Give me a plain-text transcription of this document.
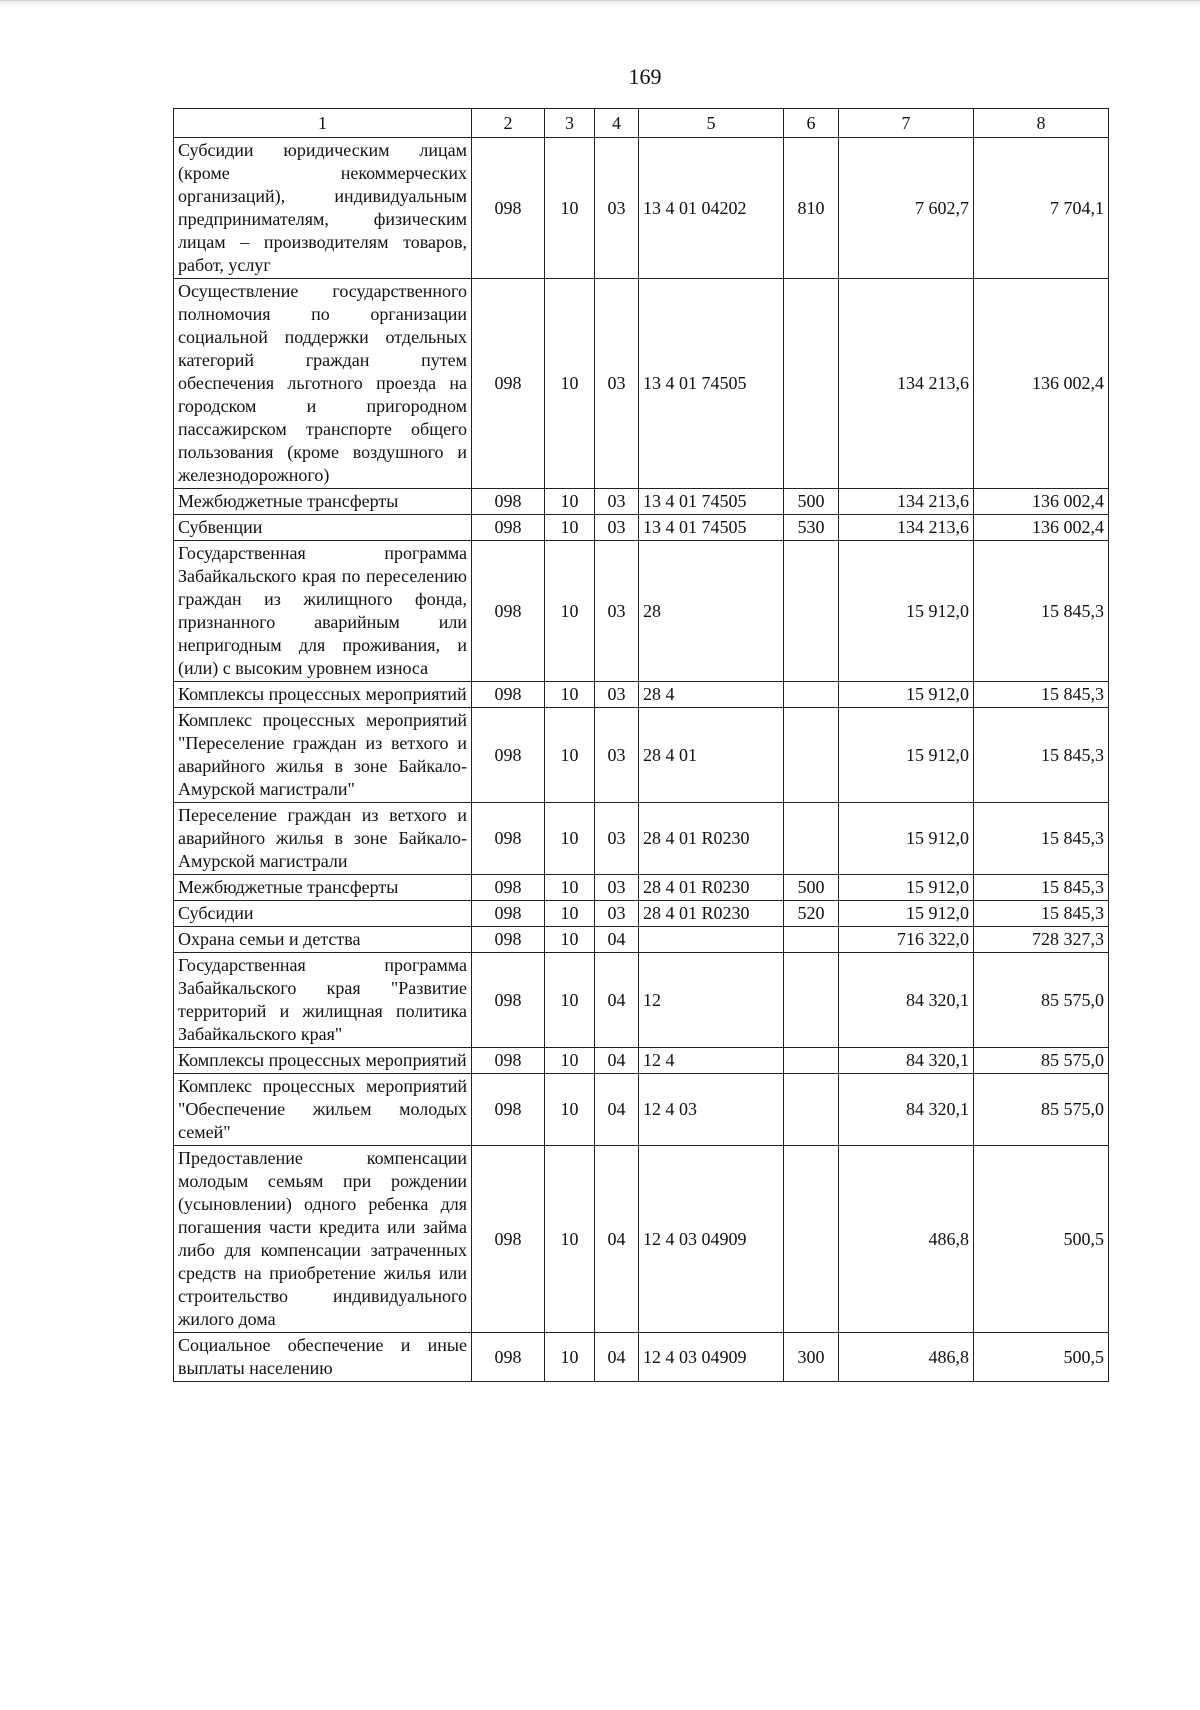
169
1	2	3	4	5	6	7	8
Субсидии юридическим лицам (кроме некоммерческих организаций), индивидуальным предпринимателям, физическим лицам – производителям товаров, работ, услуг	098	10	03	13 4 01 04202	810	7 602,7	7 704,1
Осуществление государственного полномочия по организации социальной поддержки отдельных категорий граждан путем обеспечения льготного проезда на городском и пригородном пассажирском транспорте общего пользования (кроме воздушного и железнодорожного)	098	10	03	13 4 01 74505		134 213,6	136 002,4
Межбюджетные трансферты	098	10	03	13 4 01 74505	500	134 213,6	136 002,4
Субвенции	098	10	03	13 4 01 74505	530	134 213,6	136 002,4
Государственная программа Забайкальского края по переселению граждан из жилищного фонда, признанного аварийным или непригодным для проживания, и (или) с высоким уровнем износа	098	10	03	28		15 912,0	15 845,3
Комплексы процессных мероприятий	098	10	03	28 4		15 912,0	15 845,3
Комплекс процессных мероприятий "Переселение граждан из ветхого и аварийного жилья в зоне Байкало-Амурской магистрали"	098	10	03	28 4 01		15 912,0	15 845,3
Переселение граждан из ветхого и аварийного жилья в зоне Байкало-Амурской магистрали	098	10	03	28 4 01 R0230		15 912,0	15 845,3
Межбюджетные трансферты	098	10	03	28 4 01 R0230	500	15 912,0	15 845,3
Субсидии	098	10	03	28 4 01 R0230	520	15 912,0	15 845,3
Охрана семьи и детства	098	10	04			716 322,0	728 327,3
Государственная программа Забайкальского края "Развитие территорий и жилищная политика Забайкальского края"	098	10	04	12		84 320,1	85 575,0
Комплексы процессных мероприятий	098	10	04	12 4		84 320,1	85 575,0
Комплекс процессных мероприятий "Обеспечение жильем молодых семей"	098	10	04	12 4 03		84 320,1	85 575,0
Предоставление компенсации молодым семьям при рождении (усыновлении) одного ребенка для погашения части кредита или займа либо для компенсации затраченных средств на приобретение жилья или строительство индивидуального жилого дома	098	10	04	12 4 03 04909		486,8	500,5
Социальное обеспечение и иные выплаты населению	098	10	04	12 4 03 04909	300	486,8	500,5
